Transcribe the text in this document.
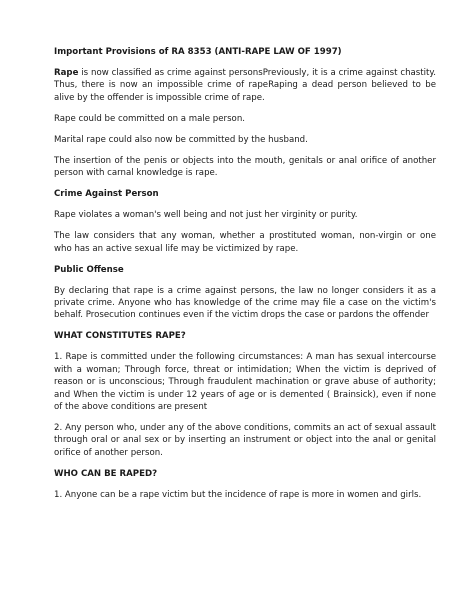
Important Provisions of RA 8353 (ANTI-RAPE LAW OF 1997)

Rape is now classified as crime against personsPreviously, it is a crime against chastity. Thus, there is now an impossible crime of rapeRaping a dead person believed to be alive by the offender is impossible crime of rape.

Rape could be committed on a male person.

Marital rape could also now be committed by the husband.

The insertion of the penis or objects into the mouth, genitals or anal orifice of another person with carnal knowledge is rape.

Crime Against Person

Rape violates a woman's well being and not just her virginity or purity.

The law considers that any woman, whether a prostituted woman, non-virgin or one who has an active sexual life may be victimized by rape.

Public Offense

By declaring that rape is a crime against persons, the law no longer considers it as a private crime. Anyone who has knowledge of the crime may file a case on the victim's behalf. Prosecution continues even if the victim drops the case or pardons the offender

WHAT CONSTITUTES RAPE?

1. Rape is committed under the following circumstances: A man has sexual intercourse with a woman; Through force, threat or intimidation; When the victim is deprived of reason or is unconscious; Through fraudulent machination or grave abuse of authority; and When the victim is under 12 years of age or is demented ( Brainsick), even if none of the above conditions are present

2. Any person who, under any of the above conditions, commits an act of sexual assault through oral or anal sex or by inserting an instrument or object into the anal or genital orifice of another person.

WHO CAN BE RAPED?

1. Anyone can be a rape victim but the incidence of rape is more in women and girls.
